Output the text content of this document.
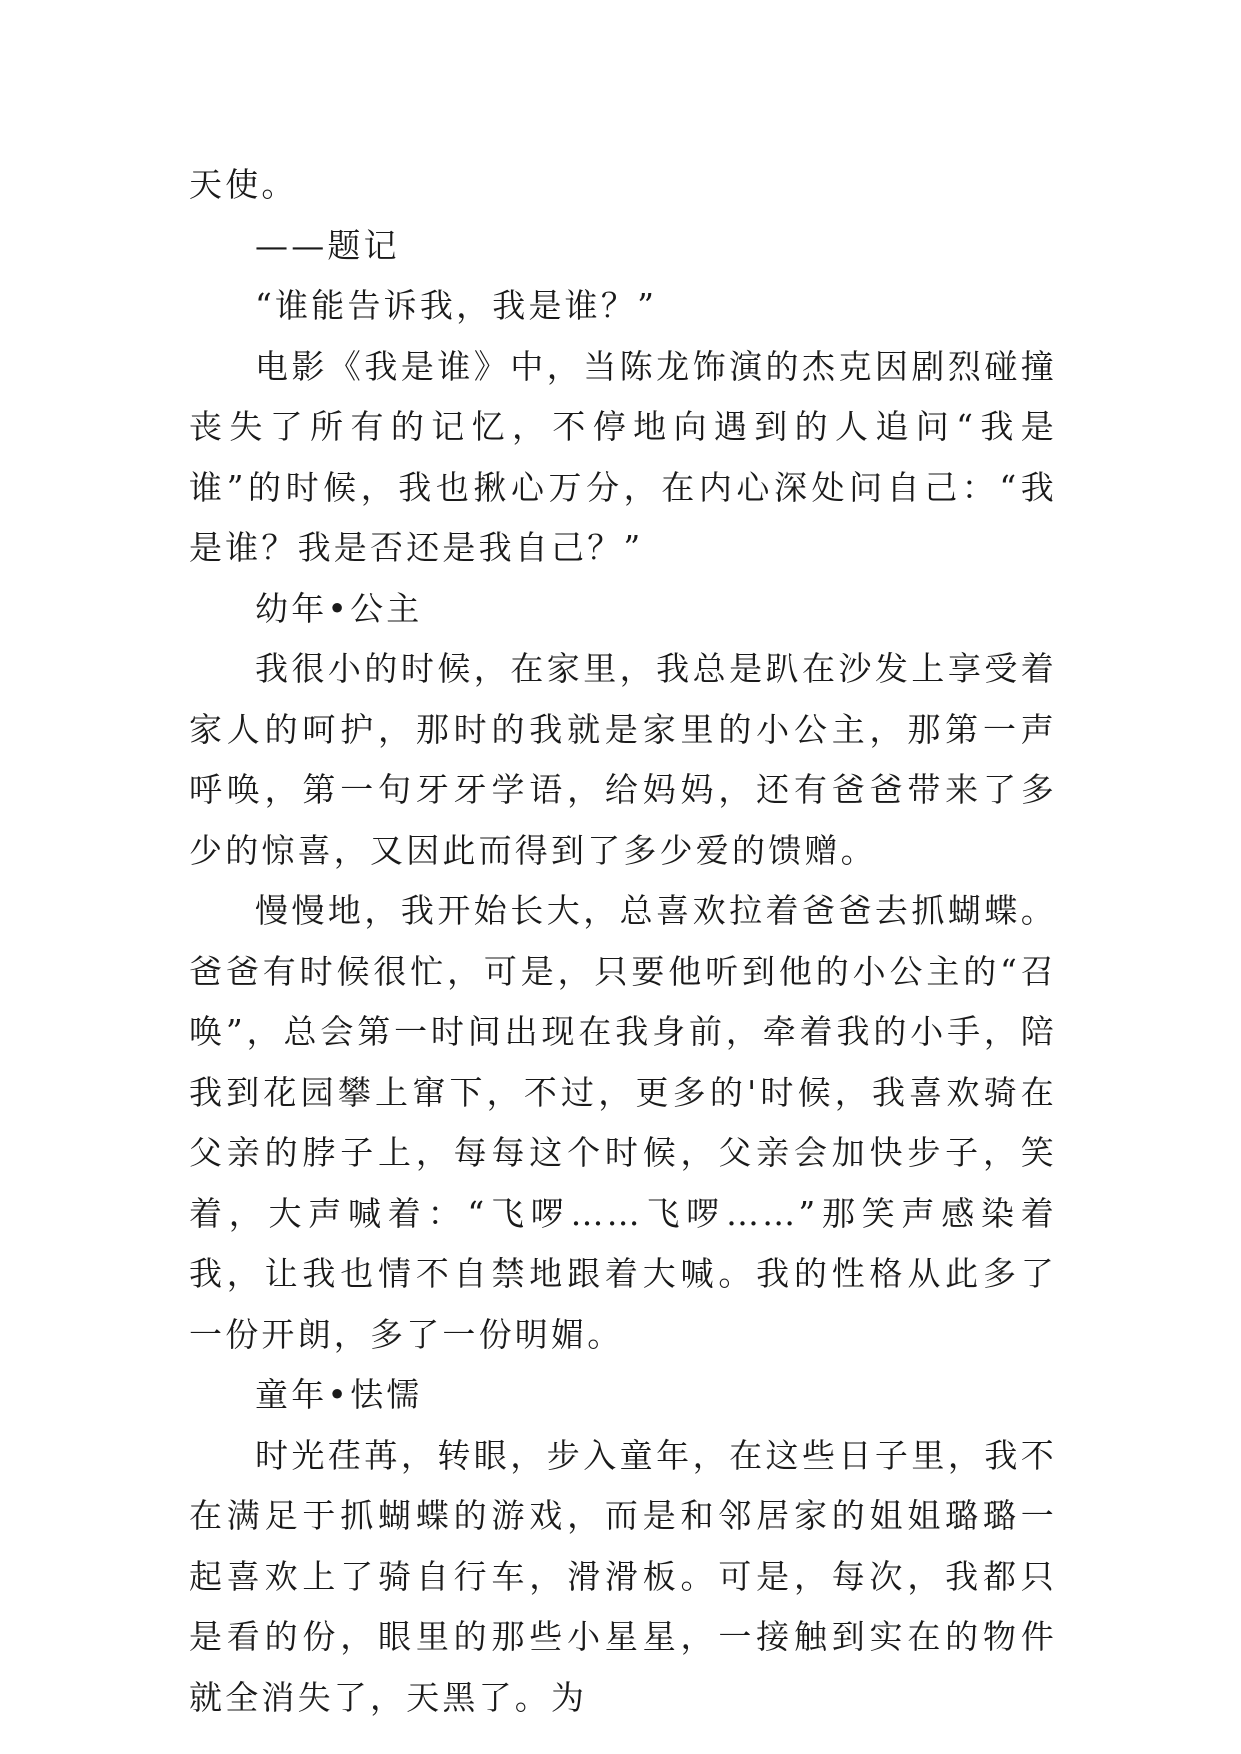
天使。

——题记

“谁能告诉我，我是谁？”

电影《我是谁》中，当陈龙饰演的杰克因剧烈碰撞丧失了所有的记忆，不停地向遇到的人追问“我是谁”的时候，我也揪心万分，在内心深处问自己：“我是谁？我是否还是我自己？”

幼年•公主

我很小的时候，在家里，我总是趴在沙发上享受着家人的呵护，那时的我就是家里的小公主，那第一声呼唤，第一句牙牙学语，给妈妈，还有爸爸带来了多少的惊喜，又因此而得到了多少爱的馈赠。

慢慢地，我开始长大，总喜欢拉着爸爸去抓蝴蝶。爸爸有时候很忙，可是，只要他听到他的小公主的“召唤”，总会第一时间出现在我身前，牵着我的小手，陪我到花园攀上窜下，不过，更多的'时候，我喜欢骑在父亲的脖子上，每每这个时候，父亲会加快步子，笑着，大声喊着：“飞啰……飞啰……”那笑声感染着我，让我也情不自禁地跟着大喊。我的性格从此多了一份开朗，多了一份明媚。

童年•怯懦

时光荏苒，转眼，步入童年，在这些日子里，我不在满足于抓蝴蝶的游戏，而是和邻居家的姐姐璐璐一起喜欢上了骑自行车，滑滑板。可是，每次，我都只是看的份，眼里的那些小星星，一接触到实在的物件就全消失了，天黑了。为
